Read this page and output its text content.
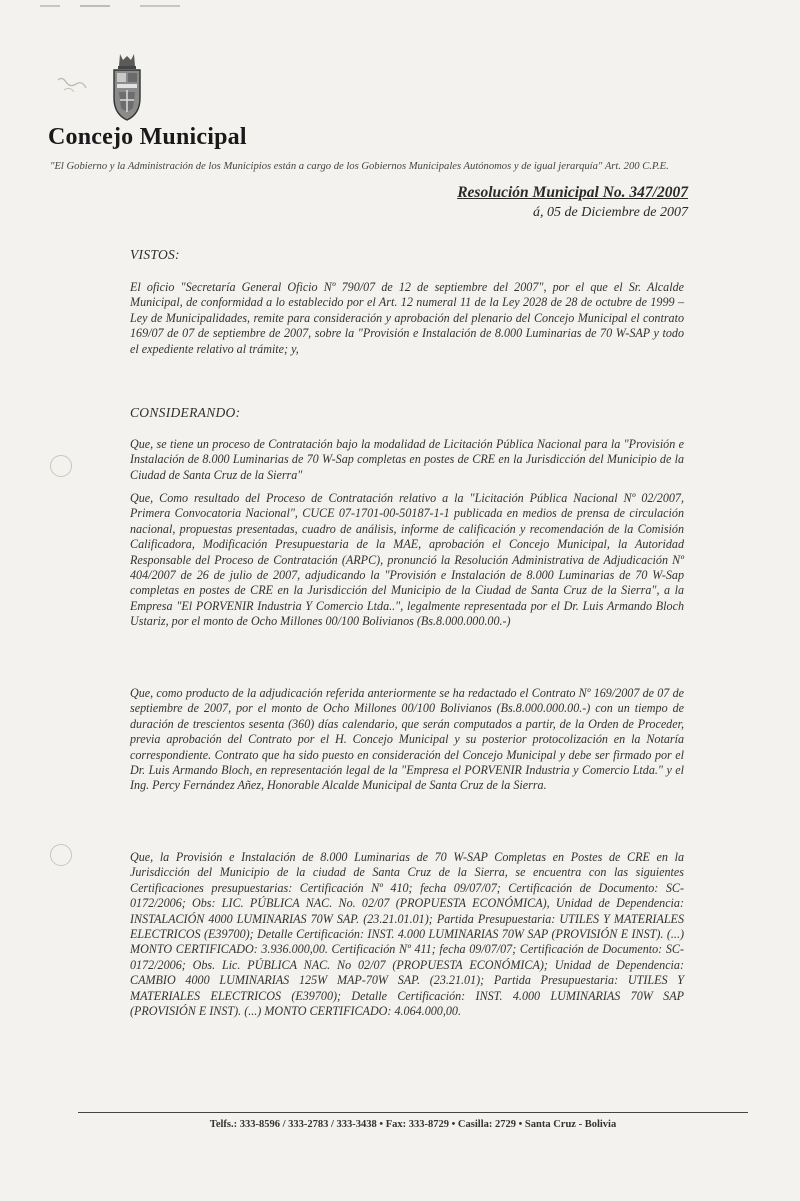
Concejo Municipal
"El Gobierno y la Administración de los Municipios están a cargo de los Gobiernos Municipales Autónomos y de igual jerarquía" Art. 200 C.P.E.
Resolución Municipal No. 347/2007
á, 05 de Diciembre de 2007
VISTOS:
El oficio "Secretaría General Oficio Nº 790/07 de 12 de septiembre del 2007", por el que el Sr. Alcalde Municipal, de conformidad a lo establecido por el Art. 12 numeral 11 de la Ley 2028 de 28 de octubre de 1999 – Ley de Municipalidades, remite para consideración y aprobación del plenario del Concejo Municipal el contrato 169/07 de 07 de septiembre de 2007, sobre la "Provisión e Instalación de 8.000 Luminarias de 70 W-SAP y todo el expediente relativo al trámite; y,
CONSIDERANDO:
Que, se tiene un proceso de Contratación bajo la modalidad de Licitación Pública Nacional para la "Provisión e Instalación de 8.000 Luminarias de 70 W-Sap completas en postes de CRE en la Jurisdicción del Municipio de la Ciudad de Santa Cruz de la Sierra"
Que, Como resultado del Proceso de Contratación relativo a la "Licitación Pública Nacional Nº 02/2007, Primera Convocatoria Nacional", CUCE 07-1701-00-50187-1-1 publicada en medios de prensa de circulación nacional, propuestas presentadas, cuadro de análisis, informe de calificación y recomendación de la Comisión Calificadora, Modificación Presupuestaria de la MAE, aprobación el Concejo Municipal, la Autoridad Responsable del Proceso de Contratación (ARPC), pronunció la Resolución Administrativa de Adjudicación Nº 404/2007 de 26 de julio de 2007, adjudicando la "Provisión e Instalación de 8.000 Luminarias de 70 W-Sap completas en postes de CRE en la Jurisdicción del Municipio de la Ciudad de Santa Cruz de la Sierra", a la Empresa "El PORVENIR Industria Y Comercio Ltda..", legalmente representada por el Dr. Luis Armando Bloch Ustariz, por el monto de Ocho Millones 00/100 Bolivianos (Bs.8.000.000.00.-)
Que, como producto de la adjudicación referida anteriormente se ha redactado el Contrato Nº 169/2007 de 07 de septiembre de 2007, por el monto de Ocho Millones 00/100 Bolivianos (Bs.8.000.000.00.-) con un tiempo de duración de trescientos sesenta (360) días calendario, que serán computados a partir, de la Orden de Proceder, previa aprobación del Contrato por el H. Concejo Municipal y su posterior protocolización en la Notaría correspondiente. Contrato que ha sido puesto en consideración del Concejo Municipal y debe ser firmado por el Dr. Luis Armando Bloch, en representación legal de la "Empresa el PORVENIR Industria y Comercio Ltda." y el Ing. Percy Fernández Añez, Honorable Alcalde Municipal de Santa Cruz de la Sierra.
Que, la Provisión e Instalación de 8.000 Luminarias de 70 W-SAP Completas en Postes de CRE en la Jurisdicción del Municipio de la ciudad de Santa Cruz de la Sierra, se encuentra con las siguientes Certificaciones presupuestarias: Certificación Nº 410; fecha 09/07/07; Certificación de Documento: SC-0172/2006; Obs: LIC. PÚBLICA NAC. No. 02/07 (PROPUESTA ECONÓMICA), Unidad de Dependencia: INSTALACIÓN 4000 LUMINARIAS 70W SAP. (23.21.01.01); Partida Presupuestaria: UTILES Y MATERIALES ELECTRICOS (E39700); Detalle Certificación: INST. 4.000 LUMINARIAS 70W SAP (PROVISIÓN E INST). (...) MONTO CERTIFICADO: 3.936.000,00. Certificación Nº 411; fecha 09/07/07; Certificación de Documento: SC-0172/2006; Obs. Lic. PÚBLICA NAC. No 02/07 (PROPUESTA ECONÓMICA); Unidad de Dependencia: CAMBIO 4000 LUMINARIAS 125W MAP-70W SAP. (23.21.01); Partida Presupuestaria: UTILES Y MATERIALES ELECTRICOS (E39700); Detalle Certificación: INST. 4.000 LUMINARIAS 70W SAP (PROVISIÓN E INST). (...) MONTO CERTIFICADO: 4.064.000,00.
Telfs.: 333-8596 / 333-2783 / 333-3438 • Fax: 333-8729 • Casilla: 2729 • Santa Cruz - Bolivia
